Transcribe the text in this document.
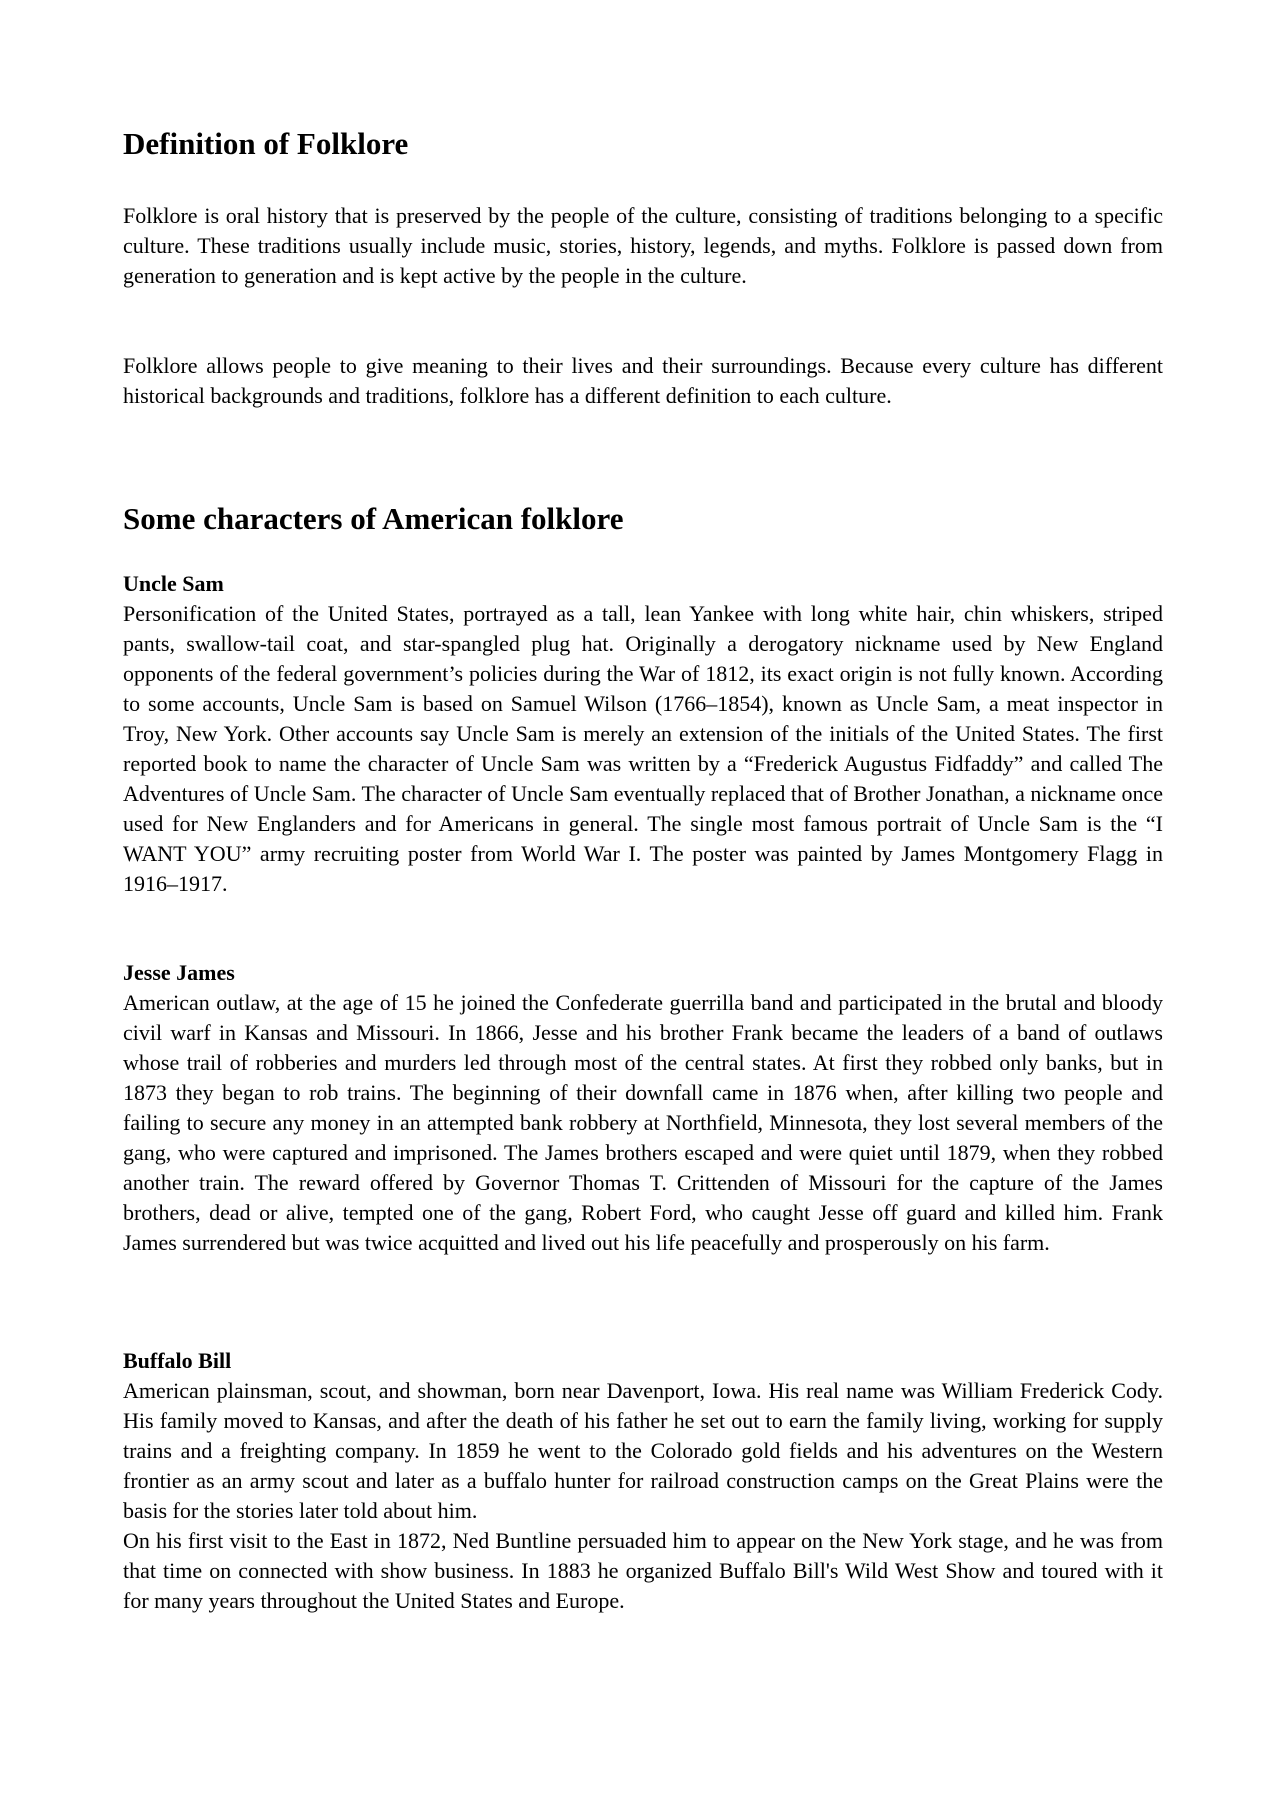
Definition of Folklore

Folklore is oral history that is preserved by the people of the culture, consisting of traditions belonging to a specific culture. These traditions usually include music, stories, history, legends, and myths. Folklore is passed down from generation to generation and is kept active by the people in the culture.

Folklore allows people to give meaning to their lives and their surroundings. Because every culture has different historical backgrounds and traditions, folklore has a different definition to each culture.

Some characters of American folklore
Uncle Sam
Personification of the United States, portrayed as a tall, lean Yankee with long white hair, chin whiskers, striped pants, swallow-tail coat, and star-spangled plug hat. Originally a derogatory nickname used by New England opponents of the federal government’s policies during the War of 1812, its exact origin is not fully known. According to some accounts, Uncle Sam is based on Samuel Wilson (1766–1854), known as Uncle Sam, a meat inspector in Troy, New York. Other accounts say Uncle Sam is merely an extension of the initials of the United States. The first reported book to name the character of Uncle Sam was written by a “Frederick Augustus Fidfaddy” and called The Adventures of Uncle Sam. The character of Uncle Sam eventually replaced that of Brother Jonathan, a nickname once used for New Englanders and for Americans in general. The single most famous portrait of Uncle Sam is the “I WANT YOU” army recruiting poster from World War I. The poster was painted by James Montgomery Flagg in 1916–1917.
Jesse James
American outlaw, at the age of 15 he joined the Confederate guerrilla band and participated in the brutal and bloody civil warf in Kansas and Missouri. In 1866, Jesse and his brother Frank became the leaders of a band of outlaws whose trail of robberies and murders led through most of the central states. At first they robbed only banks, but in 1873 they began to rob trains. The beginning of their downfall came in 1876 when, after killing two people and failing to secure any money in an attempted bank robbery at Northfield, Minnesota, they lost several members of the gang, who were captured and imprisoned. The James brothers escaped and were quiet until 1879, when they robbed another train. The reward offered by Governor Thomas T. Crittenden of Missouri for the capture of the James brothers, dead or alive, tempted one of the gang, Robert Ford, who caught Jesse off guard and killed him. Frank James surrendered but was twice acquitted and lived out his life peacefully and prosperously on his farm.
Buffalo Bill
American plainsman, scout, and showman, born near Davenport, Iowa. His real name was William Frederick Cody. His family moved to Kansas, and after the death of his father he set out to earn the family living, working for supply trains and a freighting company. In 1859 he went to the Colorado gold fields and his adventures on the Western frontier as an army scout and later as a buffalo hunter for railroad construction camps on the Great Plains were the basis for the stories later told about him.
On his first visit to the East in 1872, Ned Buntline persuaded him to appear on the New York stage, and he was from that time on connected with show business. In 1883 he organized Buffalo Bill's Wild West Show and toured with it for many years throughout the United States and Europe.
